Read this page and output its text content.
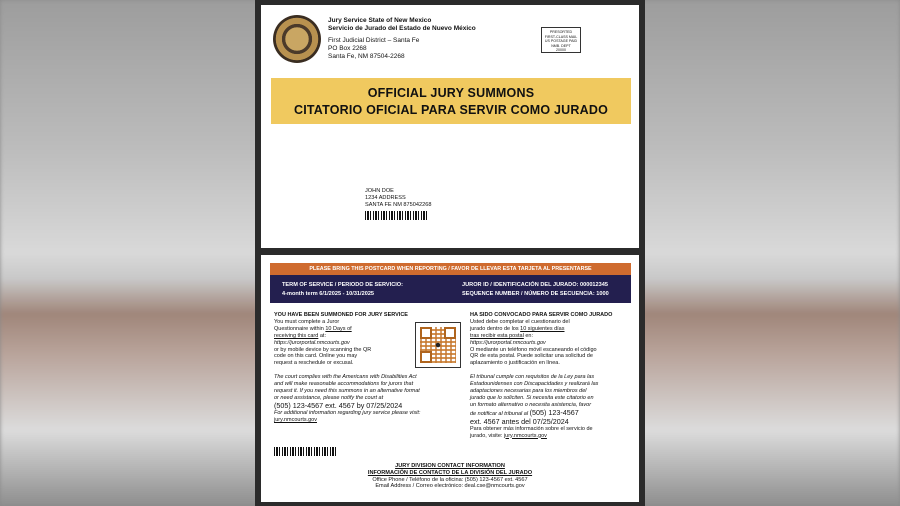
Jury Service State of New Mexico
Servicio de Jurado del Estado de Nuevo México
First Judicial District – Santa Fe
PO Box 2268
Santa Fe, NM 87504-2268
PRESORTED
FIRST-CLASS MAIL
US POSTAGE PAID
NMB. DEPT
20000
OFFICIAL JURY SUMMONS
CITATORIO OFICIAL PARA SERVIR COMO JURADO
JOHN DOE
1234 ADDRESS
SANTA FE NM 875042268
PLEASE BRING THIS POSTCARD WHEN REPORTING / FAVOR DE LLEVAR ESTA TARJETA AL PRESENTARSE
TERM OF SERVICE / PERIODO DE SERVICIO:
4-month term 6/1/2025 - 10/31/2025
JUROR ID / IDENTIFICACIÓN DEL JURADO: 000012345
SEQUENCE NUMBER / NÚMERO DE SECUENCIA: 1000
YOU HAVE BEEN SUMMONED FOR JURY SERVICE
You must complete a Juror
Questionnaire within 10 Days of
receiving this card at:
https://jurorportal.nmcourts.gov
or by mobile device by scanning the QR
code on this card. Online you may
request a reschedule or excusal.
The court complies with the Americans with Disabilities Act
and will make reasonable accommodations for jurors that
request it. If you need this summons in an alternative format
or need assistance, please notify the court at
(505) 123-4567 ext. 4567 by 07/25/2024
For additional information regarding jury service please visit:
jury.nmcourts.gov
HA SIDO CONVOCADO PARA SERVIR COMO JURADO
Usted debe completar el cuestionario del
jurado dentro de los 10 siguientes días
tras recibir esta postal en:
https://jurorportal.nmcourts.gov
O mediante un teléfono móvil escaneando el código
QR de esta postal. Puede solicitar una solicitud de
aplazamiento o justificación en línea.
El tribunal cumple con requisitos de la Ley para las
Estadounidenses con Discapacidades y realizará las
adaptaciones necesarias para los miembros del
jurado que lo soliciten. Si necesita este citatorio en
un formato alternativo o necesita asistencia, favor
de notificar al tribunal al (505) 123-4567
ext. 4567 antes del 07/25/2024
Para obtener más información sobre el servicio de
jurado, visite: jury.nmcourts.gov
JURY DIVISION CONTACT INFORMATION
INFORMACIÓN DE CONTACTO DE LA DIVISIÓN DEL JURADO
Office Phone / Teléfono de la oficina: (505) 123-4567 ext. 4567
Email Address / Correo electrónico: deal.cse@nmcourts.gov
